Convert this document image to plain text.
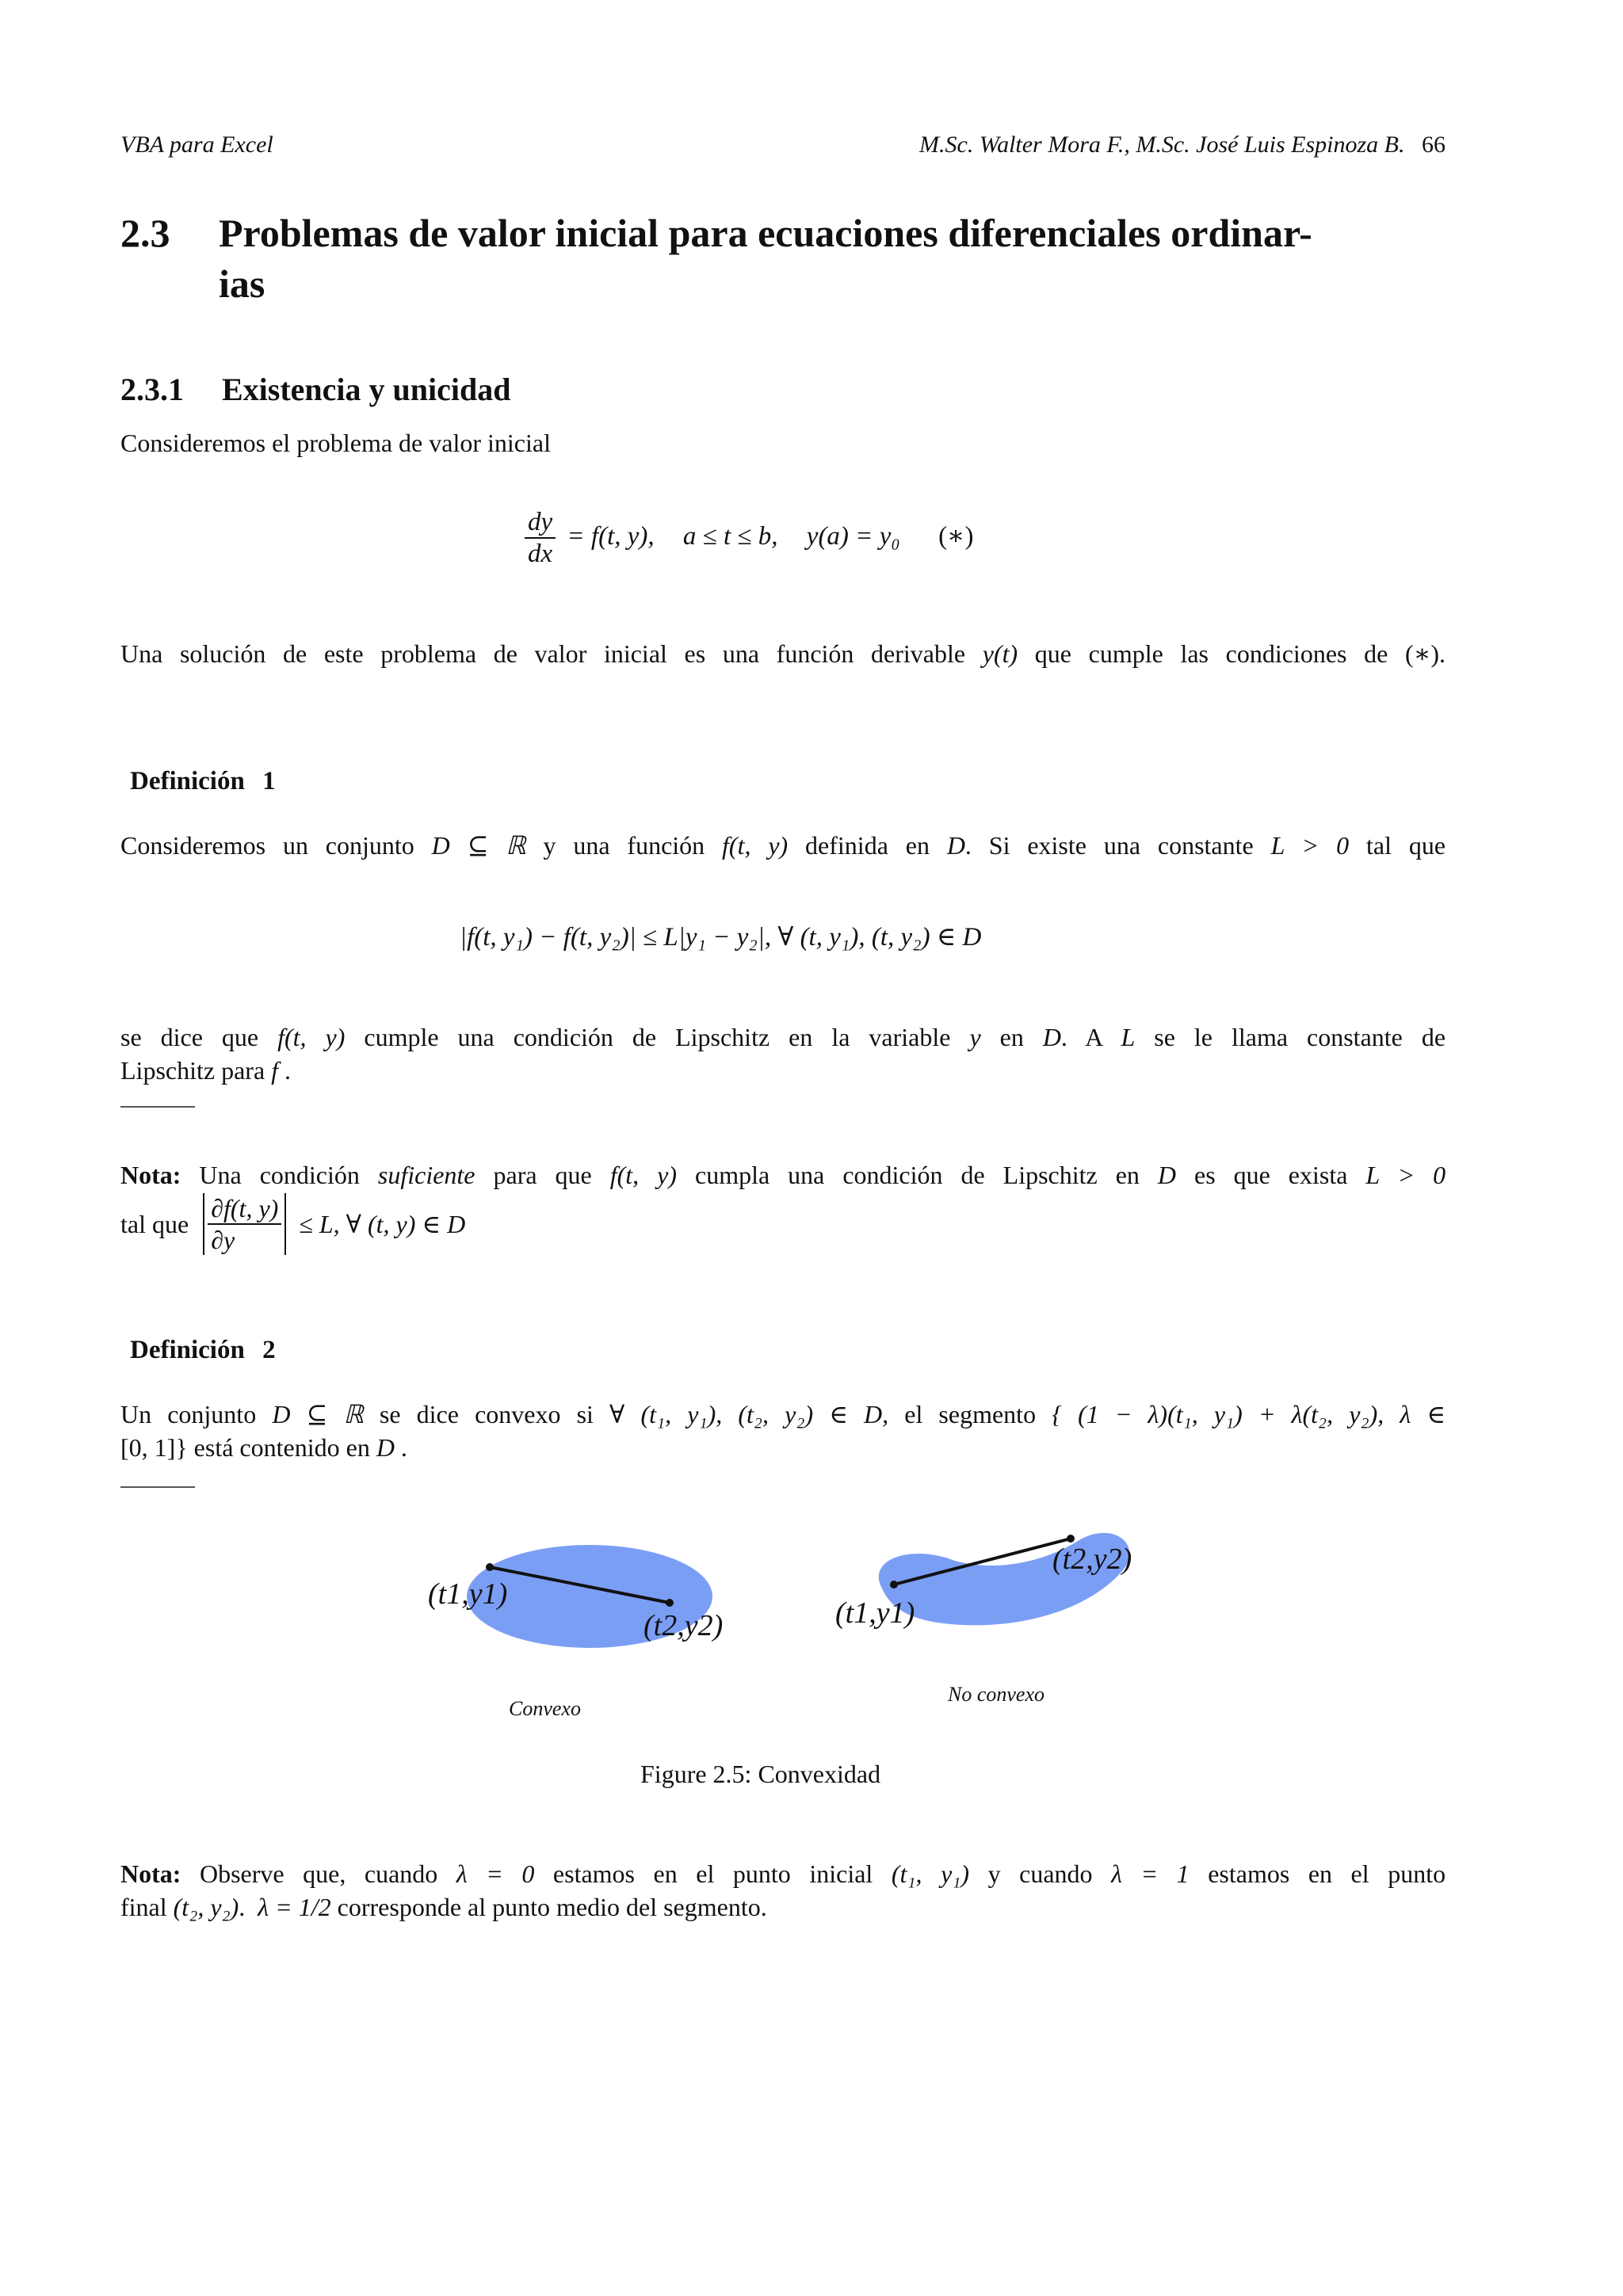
VBA para Excel	M.Sc. Walter Mora F., M.Sc. José Luis Espinoza B. 66
2.3 Problemas de valor inicial para ecuaciones diferenciales ordinar-
ias
2.3.1 Existencia y unicidad
Consideremos el problema de valor inicial
$\frac{dy}{dx} = f(t$, y), a ≤ t ≤ b, y(a) = y₀ (∗)
Una solución de este problema de valor inicial es una función derivable y(t) que cumple las condiciones de (∗).
Definición 1
Consideremos un conjunto D ⊆ ℝ y una función f(t, y) definida en D. Si existe una constante L > 0 tal que
|f(t, y₁) − f(t, y₂)| ≤ L|y₁ − y₂|, ∀ (t, y₁), (t, y₂) ∈ D
se dice que f(t, y) cumple una condición de Lipschitz en la variable y en D. A L se le llama constante de
Lipschitz para f .
Nota: Una condición suficiente para que f(t, y) cumpla una condición de Lipschitz en D es que exista L > 0
tal que $\frac{\partial f(t, y)}{\partial y} \le L$, ∀ (t, y) ∈ D
Definición 2
Un conjunto D ⊆ ℝ se dice convexo si ∀ (t₁, y₁), (t₂, y₂) ∈ D, el segmento { (1 − λ)(t₁, y₁) + λ(t₂, y₂), λ ∈
[0, 1]} está contenido en D .
(t1,y1)
(t2,y2)	(t1,y1)
(t2,y2)
Convexo
No convexo
Figure 2.5: Convexidad
Nota: Observe que, cuando λ = 0 estamos en el punto inicial (t₁, y₁) y cuando λ = 1 estamos en el punto
final (t₂, y₂). λ = 1/2 corresponde al punto medio del segmento.
